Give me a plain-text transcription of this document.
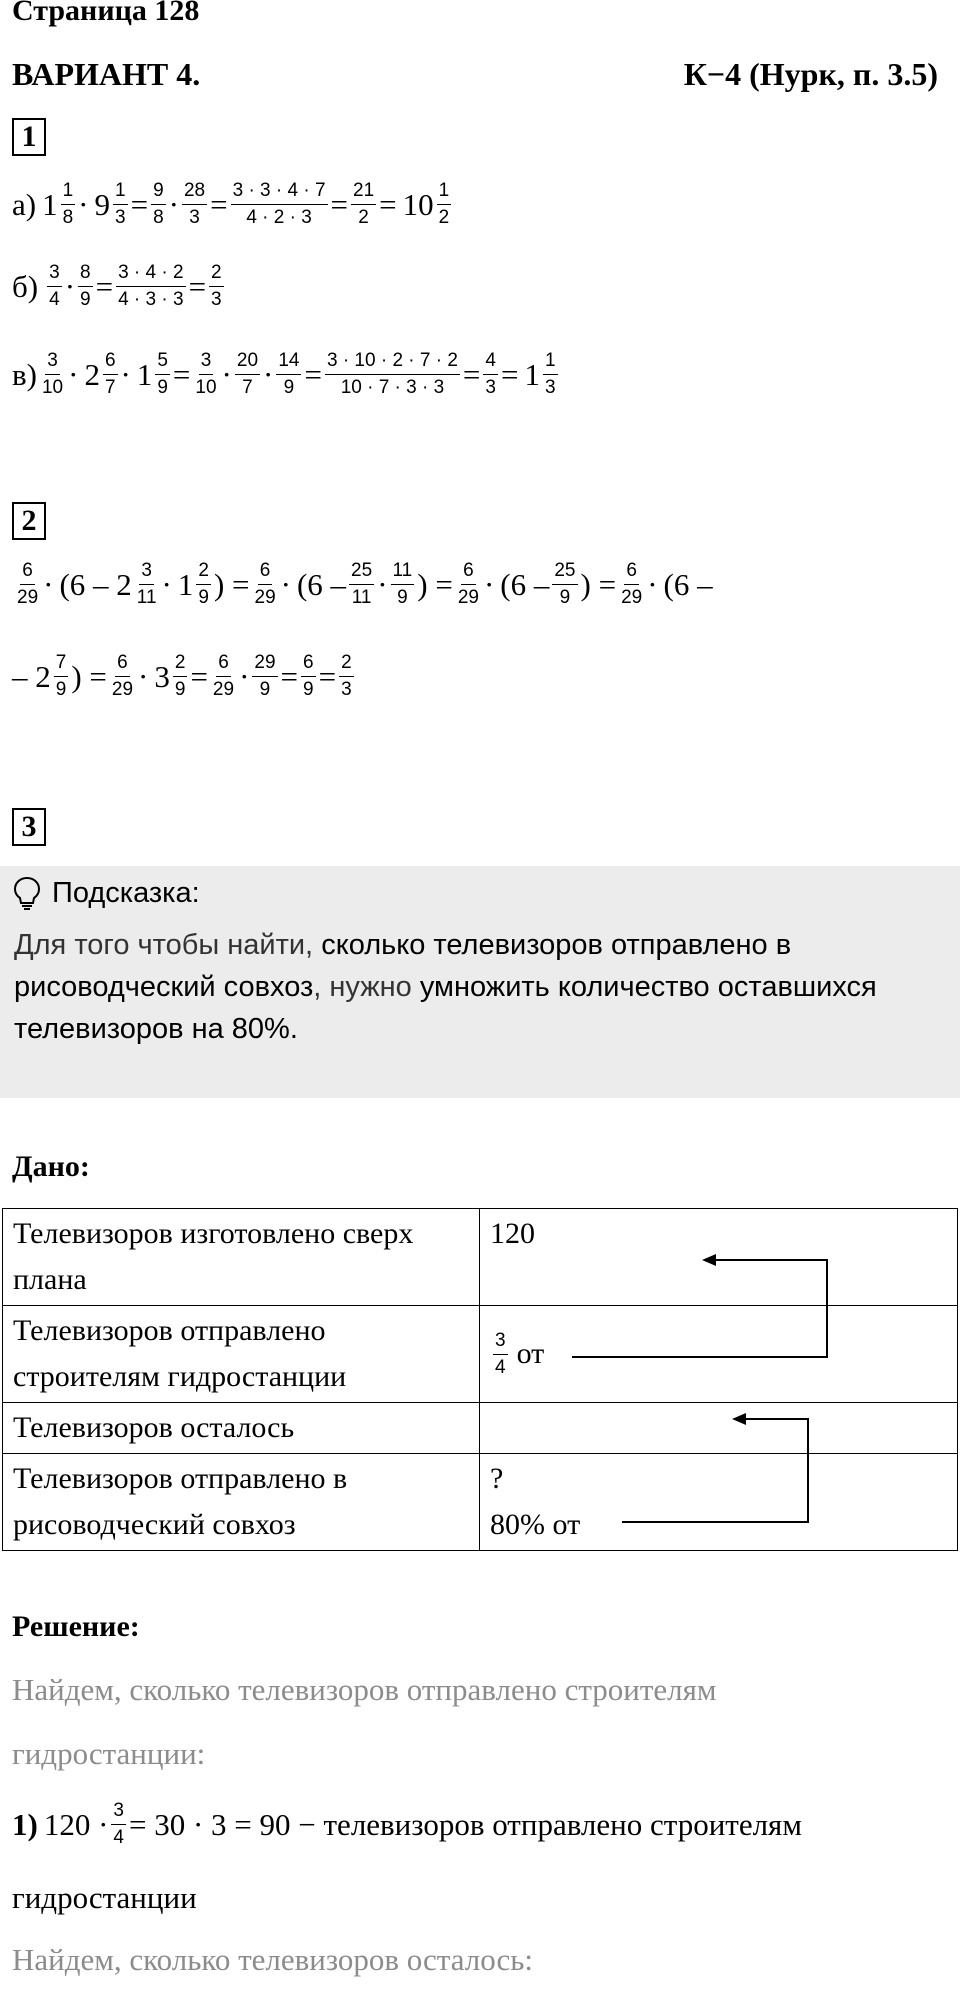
Страница 128
ВАРИАНТ 4.	К−4 (Нурк, п. 3.5)
1
а) $1 \frac{1}{8} \cdot 9 \frac{1}{3} = \frac{9}{8} \cdot \frac{28}{3} = \frac{3 \cdot 3 \cdot 4 \cdot 7}{4 \cdot 2 \cdot 3} = \frac{21}{2} = 10 \frac{1}{2}$
$б) \frac{3}{4} \cdot \frac{8}{9} = \frac{3 \cdot 4 \cdot 2}{4 \cdot 3 \cdot 3} = \frac{2}{3}$
$в) \frac{3}{10} \cdot 2 \frac{6}{7} \cdot 1 \frac{5}{9} = \frac{3}{10} \cdot \frac{20}{7} \cdot \frac{14}{9} = \frac{3 \cdot 10 \cdot 2 \cdot 7 \cdot 2}{10 \cdot 7 \cdot 3 \cdot 3} = \frac{4}{3} = 1 \frac{1}{3}$
2
$\frac{6}{29} \cdot (6 - 2 \frac{3}{11} \cdot 1 \frac{2}{9}$ ) = $\frac{6}{29} \cdot (6 - \frac{25}{11} \cdot \frac{11}{9}$ ) = $\frac{6}{29} \cdot (6 - \frac{25}{9}$ ) = $\frac{6}{29} \cdot (6$ –
– $2 \frac{7}{9}$ ) = $\frac{6}{29} \cdot 3 \frac{2}{9} = \frac{6}{29} \cdot \frac{29}{9} = \frac{6}{9} = \frac{2}{3}$
3
Подсказка:
Для того чтобы найти, сколько телевизоров отправлено в рисоводческий совхоз, нужно умножить количество оставшихся телевизоров на 80%.
Дано:
Телевизоров изготовлено сверх плана	120
Телевизоров отправлено строителям гидростанции	$\frac{3}{4}$ от

Телевизоров осталось	
Телевизоров отправлено в рисоводческий совхоз	?
80% от
Решение:
Найдем, сколько телевизоров отправлено строителям
гидростанции:
1) $120 \cdot \frac{3}{4} = 30 \cdot 3 = 90$ − телевизоров отправлено строителям
гидростанции
Найдем, сколько телевизоров осталось:
